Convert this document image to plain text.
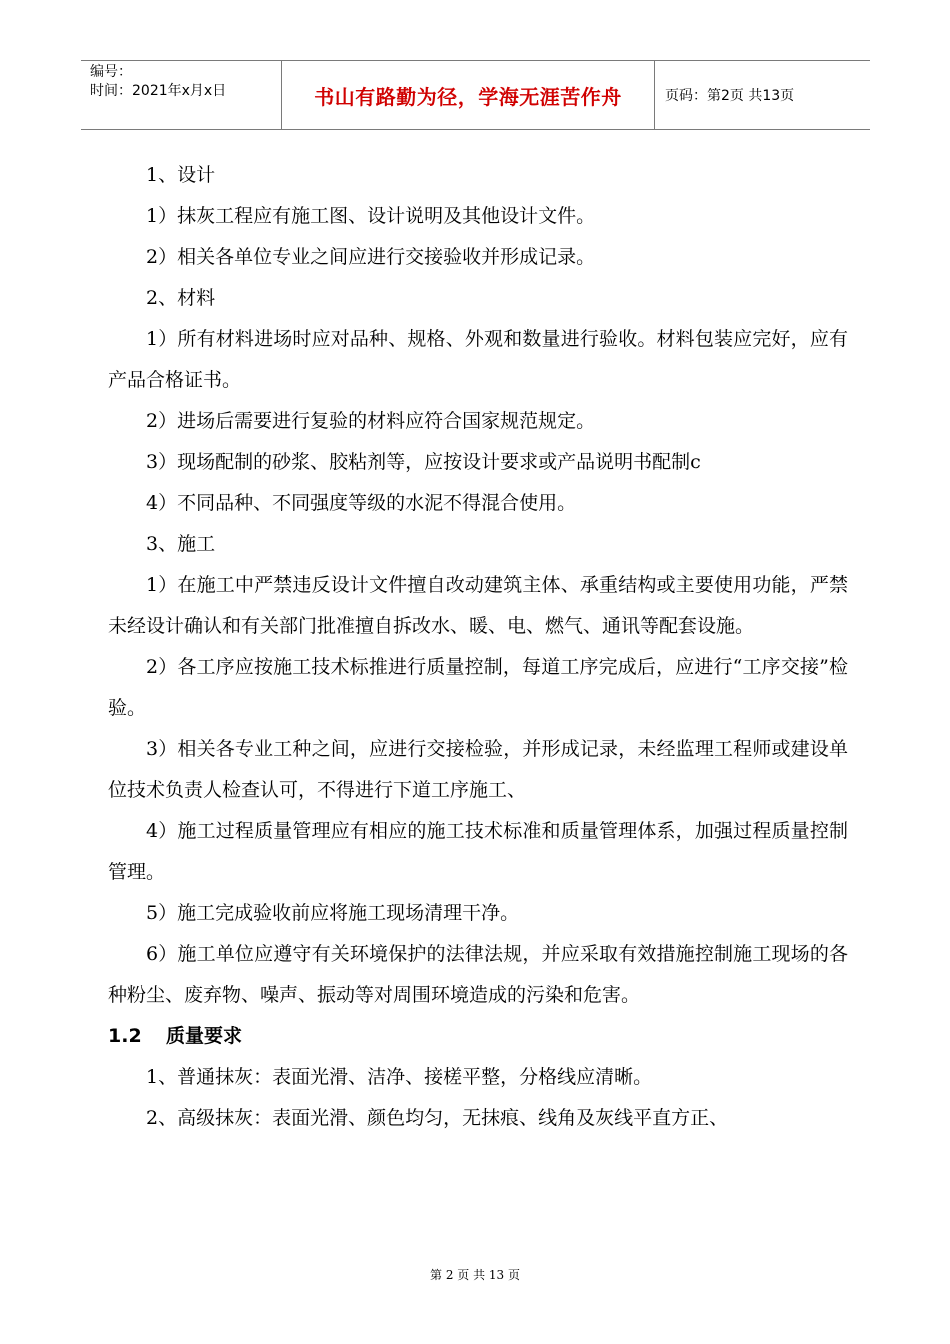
编号：
时间：2021年x月x日	书山有路勤为径，学海无涯苦作舟	页码：第2页 共13页

1、设计

1）抹灰工程应有施工图、设计说明及其他设计文件。

2）相关各单位专业之间应进行交接验收并形成记录。

2、材料

1）所有材料进场时应对品种、规格、外观和数量进行验收。材料包装应完好，应有产品合格证书。

2）进场后需要进行复验的材料应符合国家规范规定。

3）现场配制的砂浆、胶粘剂等，应按设计要求或产品说明书配制c

4）不同品种、不同强度等级的水泥不得混合使用。

3、施工

1）在施工中严禁违反设计文件擅自改动建筑主体、承重结构或主要使用功能，严禁未经设计确认和有关部门批准擅自拆改水、暖、电、燃气、通讯等配套设施。

2）各工序应按施工技术标推进行质量控制，每道工序完成后，应进行“工序交接”检验。

3）相关各专业工种之间，应进行交接检验，并形成记录，未经监理工程师或建设单位技术负责人检查认可，不得进行下道工序施工、

4）施工过程质量管理应有相应的施工技术标准和质量管理体系，加强过程质量控制管理。

5）施工完成验收前应将施工现场清理干净。

6）施工单位应遵守有关环境保护的法律法规，并应采取有效措施控制施工现场的各种粉尘、废弃物、噪声、振动等对周围环境造成的污染和危害。

1.2 质量要求

1、普通抹灰：表面光滑、洁净、接槎平整，分格线应清晰。

2、高级抹灰：表面光滑、颜色均匀，无抹痕、线角及灰线平直方正、

第 2 页 共 13 页
